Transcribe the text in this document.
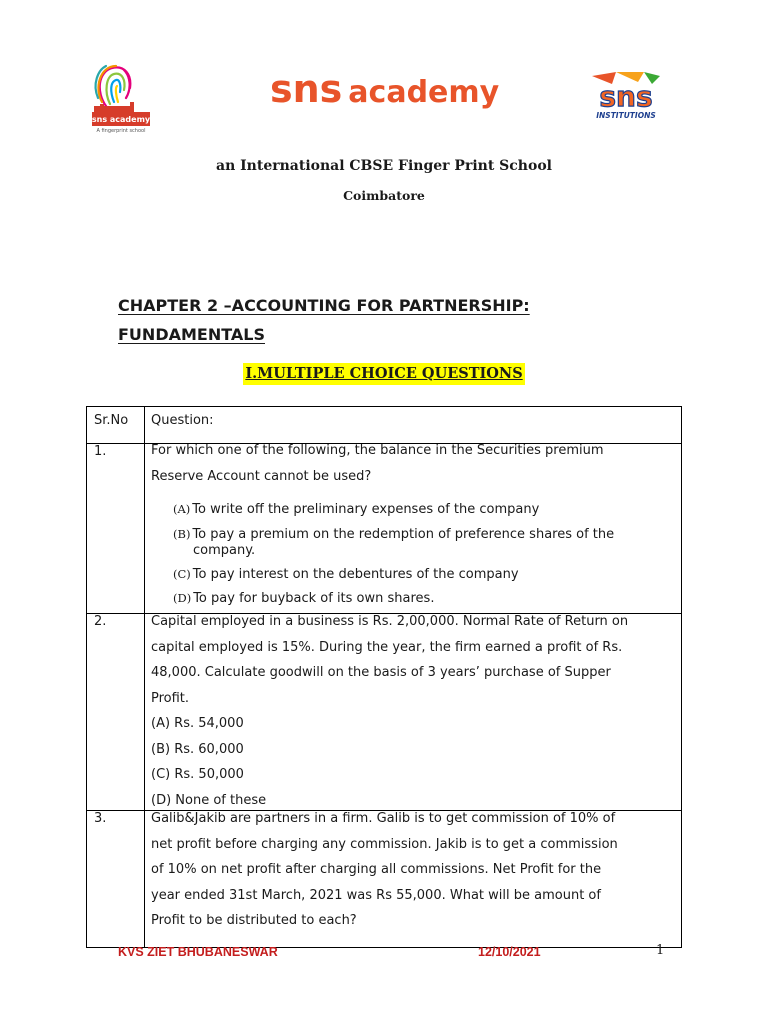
sns academy
A fingerprint school
sns academy	sns
INSTITUTIONS
an International CBSE Finger Print School
Coimbatore
CHAPTER 2 –ACCOUNTING FOR PARTNERSHIP:
FUNDAMENTALS
I.MULTIPLE CHOICE QUESTIONS
Sr.No Question:
1.	For which one of the following, the balance in the Securities premium
Reserve Account cannot be used?
(A) To write off the preliminary expenses of the company
(B) To pay a premium on the redemption of preference shares of the
company.
(C) To pay interest on the debentures of the company
(D) To pay for buyback of its own shares.
2.	Capital employed in a business is Rs. 2,00,000. Normal Rate of Return on
capital employed is 15%. During the year, the firm earned a profit of Rs.
48,000. Calculate goodwill on the basis of 3 years’ purchase of Supper
Profit.
(A) Rs. 54,000
(B) Rs. 60,000
(C) Rs. 50,000
(D) None of these
3.	Galib&Jakib are partners in a firm. Galib is to get commission of 10% of
net profit before charging any commission. Jakib is to get a commission
of 10% on net profit after charging all commissions. Net Profit for the
year ended 31st March, 2021 was Rs 55,000. What will be amount of
Profit to be distributed to each?
KVS ZIET BHUBANESWAR	12/10/2021	1
